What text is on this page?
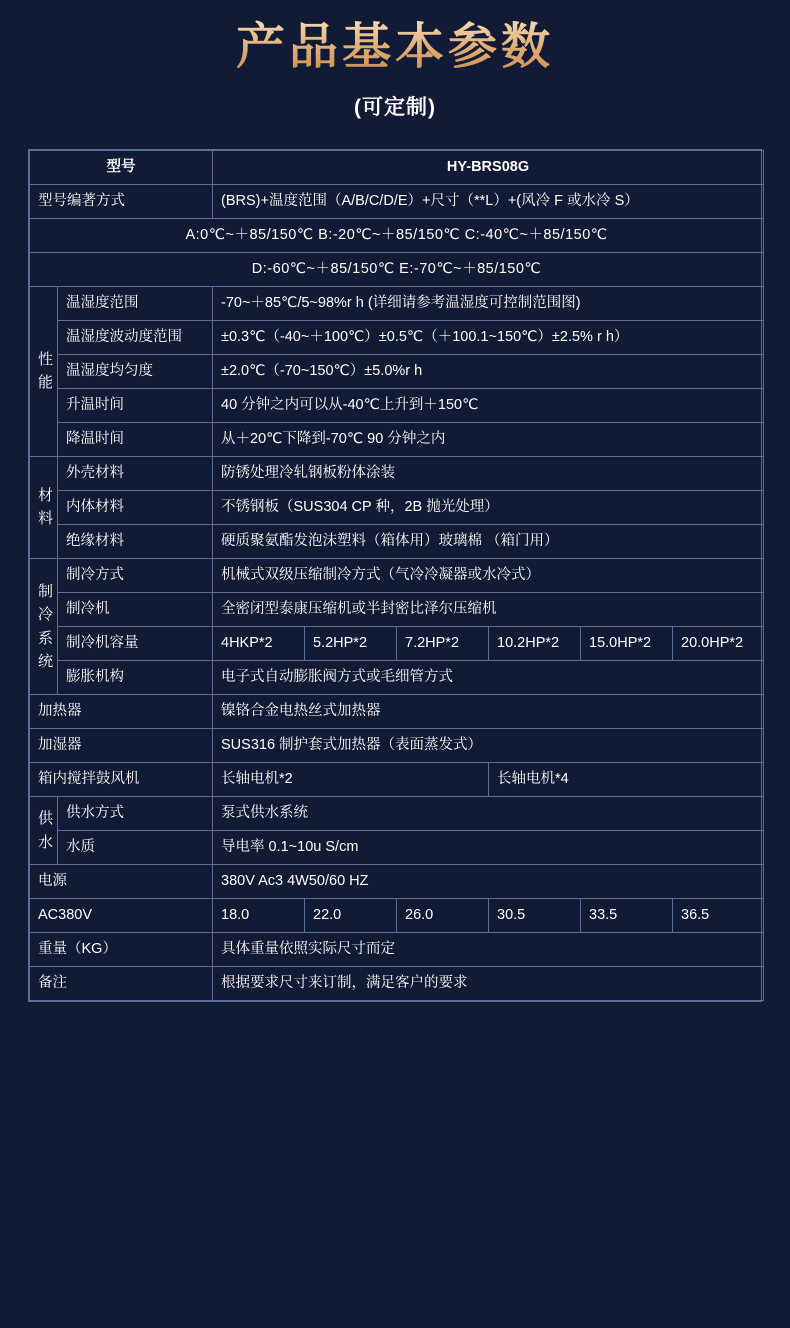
产品基本参数
(可定制)
型号		HY-BRS08G					
型号编著方式		(BRS)+温度范围（A/B/C/D/E）+尺寸（**L）+(风冷 F 或水冷 S）					
A:0℃~＋85/150℃ B:-20℃~＋85/150℃ C:-40℃~＋85/150℃							
D:-60℃~＋85/150℃ E:-70℃~＋85/150℃							

性能	温湿度范围	-70~＋85℃/5~98%r h (详细请参考温湿度可控制范围图)					
	温湿度波动度范围	±0.3℃（-40~＋100℃）±0.5℃（＋100.1~150℃）±2.5% r h）					
	温湿度均匀度	±2.0℃（-70~150℃）±5.0%r h					
	升温时间	40 分钟之内可以从-40℃上升到＋150℃					
	降温时间	从＋20℃下降到-70℃ 90 分钟之内					

材料	外壳材料	防锈处理冷轧钢板粉体涂装					
	内体材料	不锈钢板（SUS304 CP 种，2B 抛光处理）					
	绝缘材料	硬质聚氨酯发泡沫塑料（箱体用）玻璃棉 （箱门用）					

制冷系统	制冷方式	机械式双级压缩制冷方式（气冷冷凝器或水冷式）					
	制冷机	全密闭型泰康压缩机或半封密比泽尔压缩机					
	制冷机容量	4HKP*2	5.2HP*2	7.2HP*2	10.2HP*2	15.0HP*2	20.0HP*2
	膨胀机构	电子式自动膨胀阀方式或毛细管方式					
加热器		镍铬合金电热丝式加热器					
加湿器		SUS316 制护套式加热器（表面蒸发式）					
箱内搅拌鼓风机		长轴电机*2			长轴电机*4		

供水	供水方式	泵式供水系统					
	水质	导电率 0.1~10u S/cm					
电源		380V Ac3 4W50/60 HZ					
AC380V		18.0	22.0	26.0	30.5	33.5	36.5
重量（KG）		具体重量依照实际尺寸而定					
备注		根据要求尺寸来订制，满足客户的要求					
